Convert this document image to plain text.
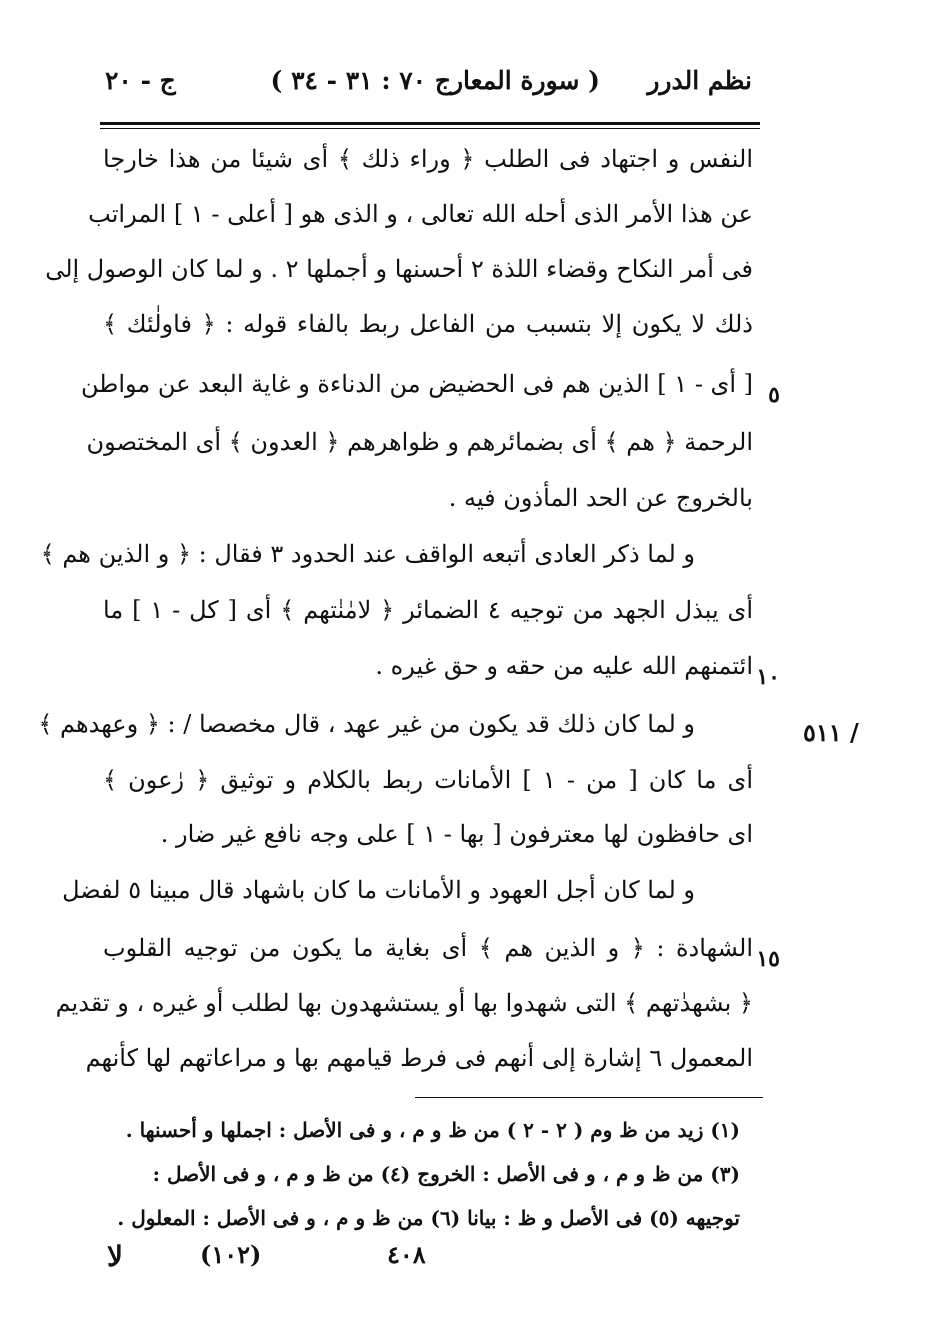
نظم الدرر
( سورة المعارج ٧٠ : ٣١ - ٣٤ )
ج - ٢٠
النفس و اجتهاد فى الطلب ﴿ وراء ذلك ﴾ أى شيئا من هذا خارجا
عن هذا الأمر الذى أحله الله تعالى ، و الذى هو [ أعلى - ١ ] المراتب
فى أمر النكاح وقضاء اللذة ٢ أحسنها و أجملها ٢ . و لما كان الوصول إلى
ذلك لا يكون إلا بتسبب من الفاعل ربط بالفاء قوله : ﴿ فاولٰئك ﴾
[ أى - ١ ] الذين هم فى الحضيض من الدناءة و غاية البعد عن مواطن
الرحمة ﴿ هم ﴾ أى بضمائرهم و ظواهرهم ﴿ العدون ﴾ أى المختصون
بالخروج عن الحد المأذون فيه .
و لما ذكر العادى أتبعه الواقف عند الحدود ٣ فقال : ﴿ و الذين هم ﴾
أى يبذل الجهد من توجيه ٤ الضمائر ﴿ لامٰنٰتهم ﴾ أى [ كل - ١ ] ما
ائتمنهم الله عليه من حقه و حق غيره .
و لما كان ذلك قد يكون من غير عهد ، قال مخصصا / : ﴿ وعهدهم ﴾
أى ما كان [ من - ١ ] الأمانات ربط بالكلام و توثيق ﴿ رٰعون ﴾
اى حافظون لها معترفون [ بها - ١ ] على وجه نافع غير ضار .
و لما كان أجل العهود و الأمانات ما كان باشهاد قال مبينا ٥ لفضل
الشهادة : ﴿ و الذين هم ﴾ أى بغاية ما يكون من توجيه القلوب
﴿ بشهدٰتهم ﴾ التى شهدوا بها أو يستشهدون بها لطلب أو غيره ، و تقديم
المعمول ٦ إشارة إلى أنهم فى فرط قيامهم بها و مراعاتهم لها كأنهم
٥
١٠
١٥
/ ٥١١
(١) زيد من ظ وم ( ٢ - ٢ ) من ظ و م ، و فى الأصل : اجملها و أحسنها .
(٣) من ظ و م ، و فى الأصل : الخروج (٤) من ظ و م ، و فى الأصل :
توجيهه (٥) فى الأصل و ظ : بيانا (٦) من ظ و م ، و فى الأصل : المعلول .
٤٠٨
(١٠٢)
لا
